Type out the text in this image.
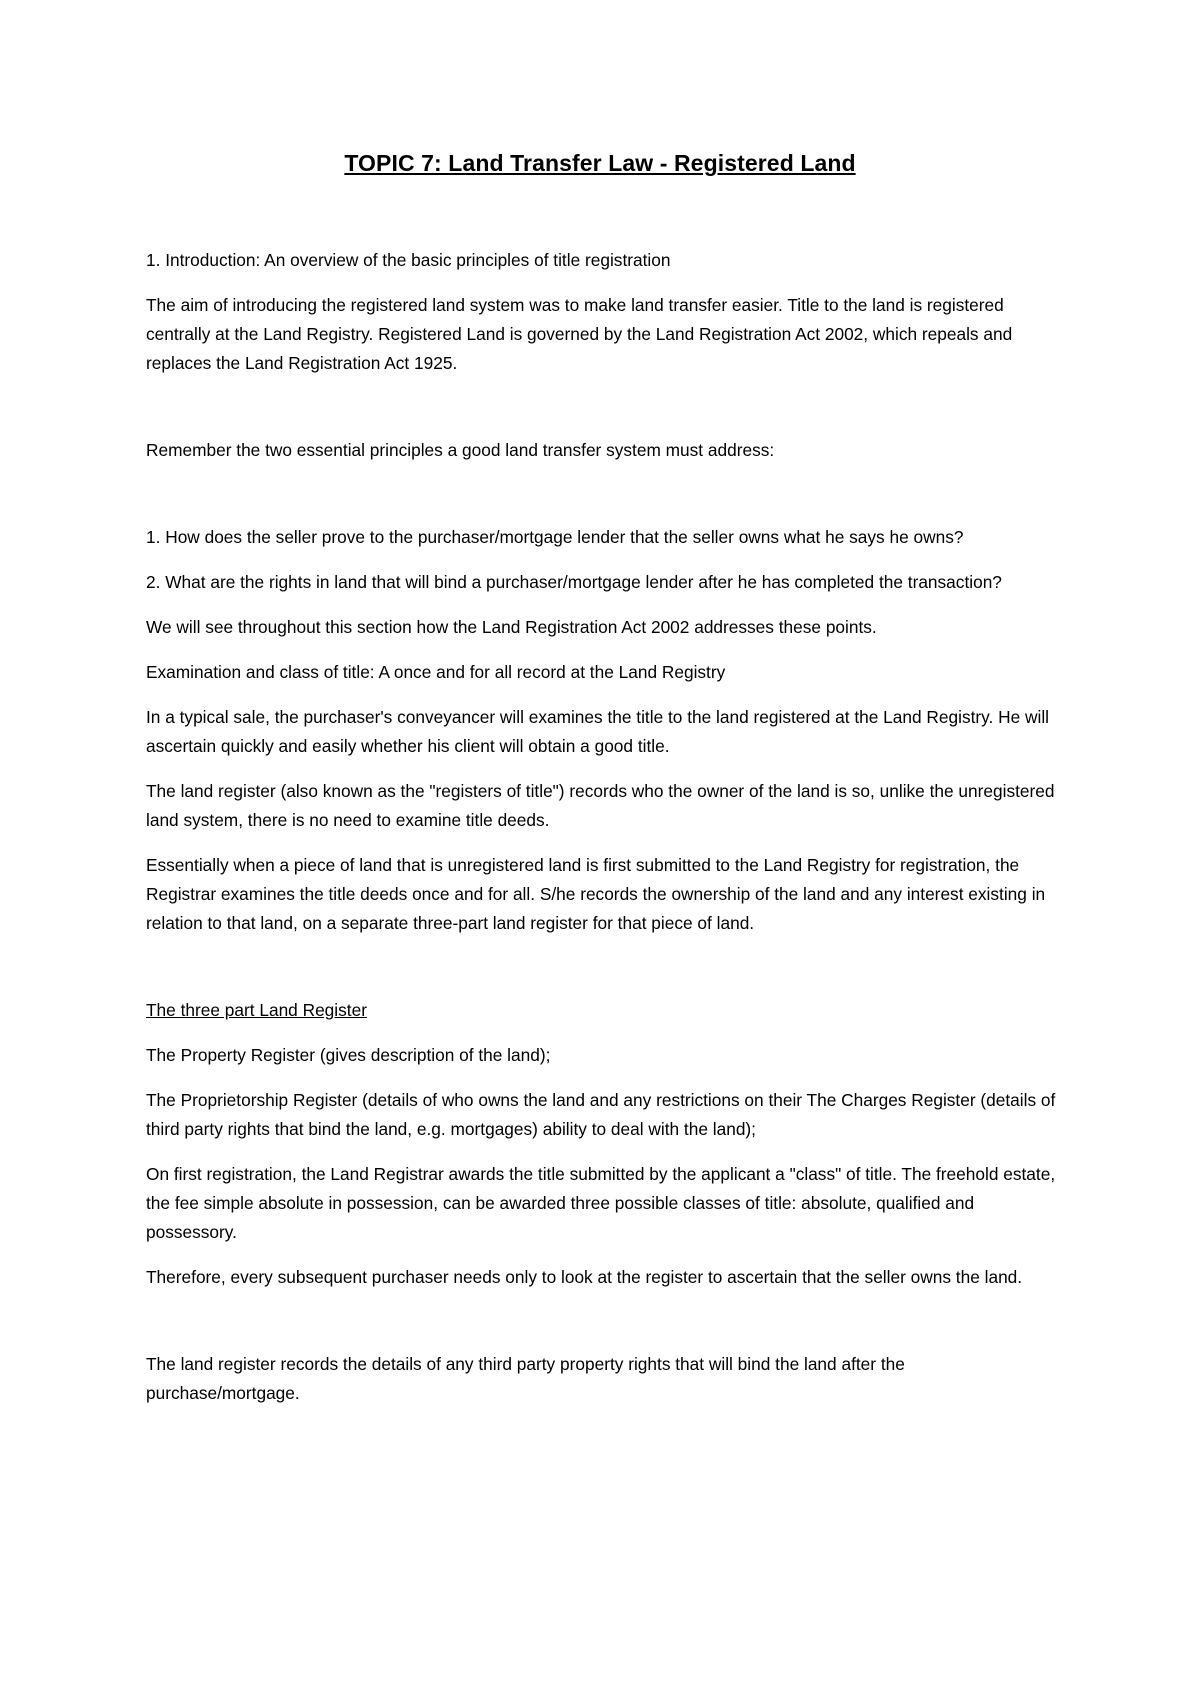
TOPIC 7: Land Transfer Law - Registered Land

1. Introduction: An overview of the basic principles of title registration

The aim of introducing the registered land system was to make land transfer easier. Title to the land is registered centrally at the Land Registry. Registered Land is governed by the Land Registration Act 2002, which repeals and replaces the Land Registration Act 1925.

Remember the two essential principles a good land transfer system must address:

1. How does the seller prove to the purchaser/mortgage lender that the seller owns what he says he owns?

2. What are the rights in land that will bind a purchaser/mortgage lender after he has completed the transaction?

We will see throughout this section how the Land Registration Act 2002 addresses these points.

Examination and class of title: A once and for all record at the Land Registry

In a typical sale, the purchaser's conveyancer will examines the title to the land registered at the Land Registry. He will ascertain quickly and easily whether his client will obtain a good title.

The land register (also known as the "registers of title") records who the owner of the land is so, unlike the unregistered land system, there is no need to examine title deeds.

Essentially when a piece of land that is unregistered land is first submitted to the Land Registry for registration, the Registrar examines the title deeds once and for all. S/he records the ownership of the land and any interest existing in relation to that land, on a separate three-part land register for that piece of land.

The three part Land Register

The Property Register (gives description of the land);

The Proprietorship Register (details of who owns the land and any restrictions on their The Charges Register (details of third party rights that bind the land, e.g. mortgages) ability to deal with the land);

On first registration, the Land Registrar awards the title submitted by the applicant a "class" of title. The freehold estate, the fee simple absolute in possession, can be awarded three possible classes of title: absolute, qualified and possessory.

Therefore, every subsequent purchaser needs only to look at the register to ascertain that the seller owns the land.

The land register records the details of any third party property rights that will bind the land after the purchase/mortgage.
